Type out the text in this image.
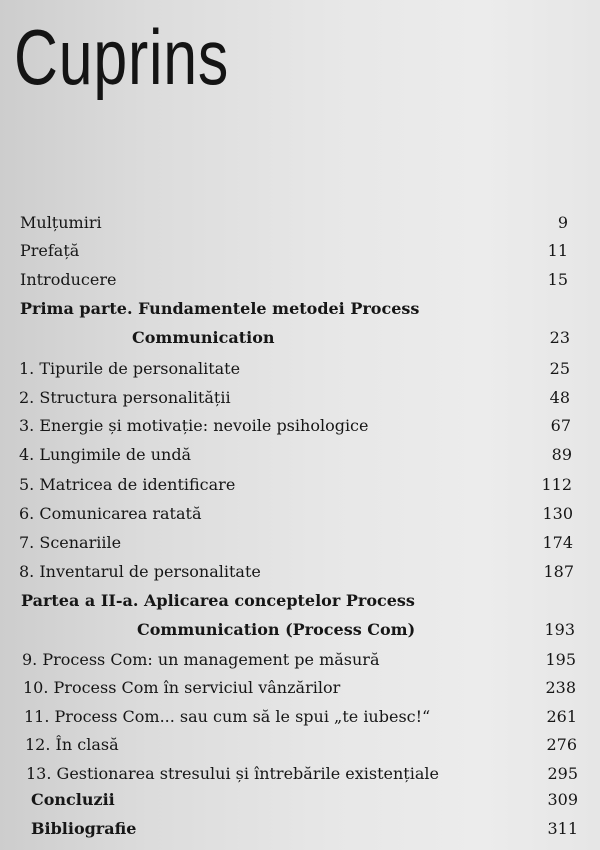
Cuprins
Mulțumiri	9
Prefață	11
Introducere	15
Prima parte. Fundamentele metodei Process
Communication	23
1. Tipurile de personalitate	25
2. Structura personalității	48
3. Energie și motivație: nevoile psihologice	67
4. Lungimile de undă	89
5. Matricea de identificare	112
6. Comunicarea ratată	130
7. Scenariile	174
8. Inventarul de personalitate	187
Partea a II-a. Aplicarea conceptelor Process
Communication (Process Com)	193
9. Process Com: un management pe măsură	195
10. Process Com în serviciul vânzărilor	238
11. Process Com... sau cum să le spui „te iubesc!“	261
12. În clasă	276
13. Gestionarea stresului și întrebările existențiale	295
Concluzii	309
Bibliografie	311
